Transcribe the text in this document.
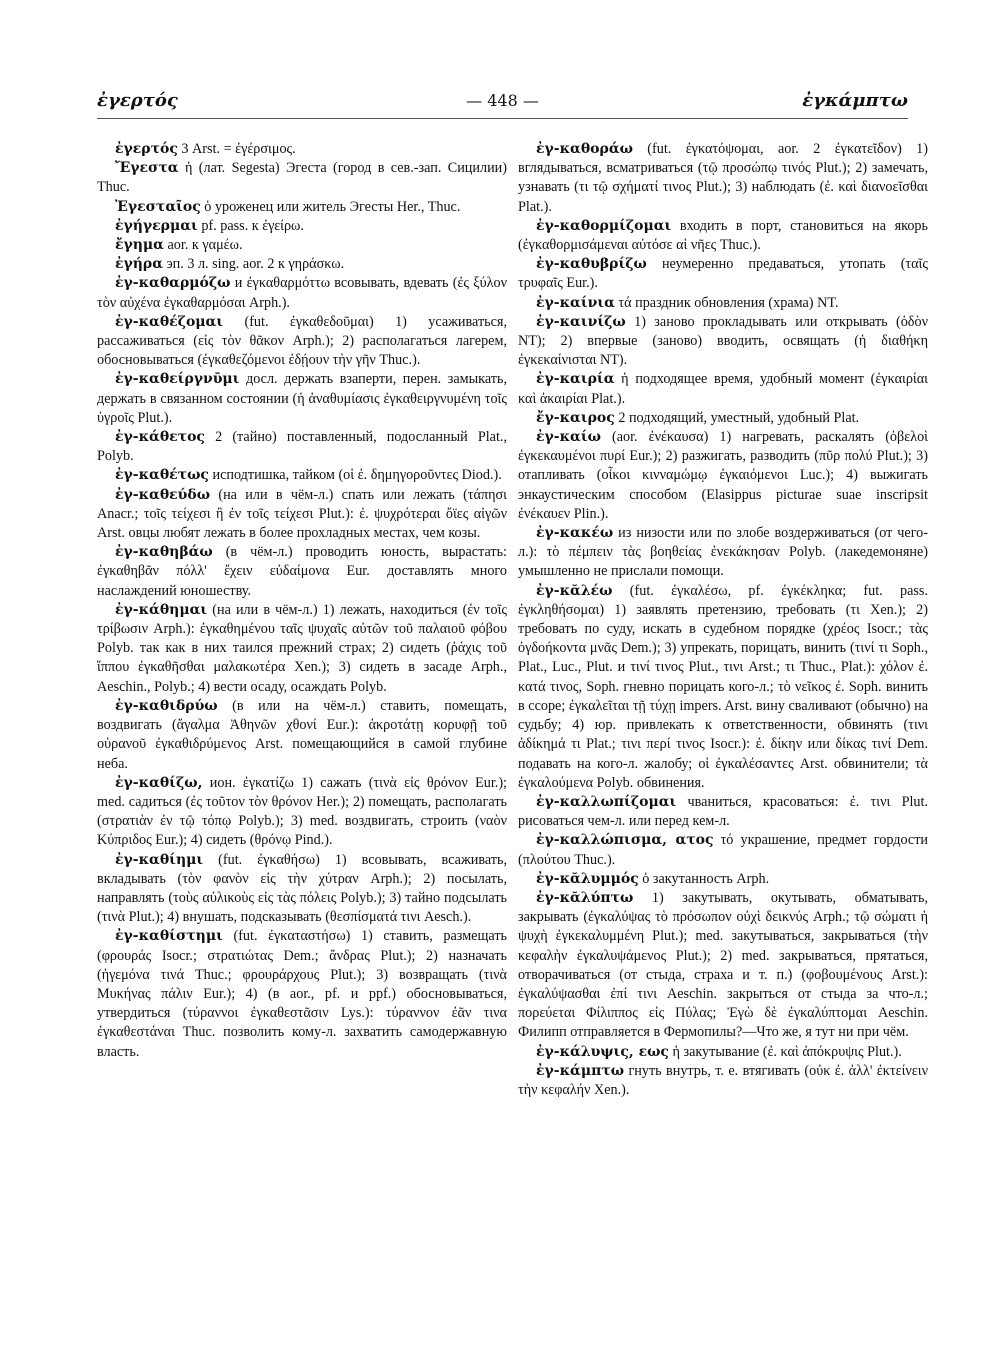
ἐγερτός	— 448 —	ἐγκάμπτω

ἐγερτός 3 Arst. = ἐγέρσιμος.

Ἔγεστα ἡ (лат. Segesta) Эгеста (город в сев.-зап. Сицилии) Thuc.

Ἐγεσταῖος ὁ уроженец или житель Эгесты Her., Thuc.

ἐγήγερμαι pf. pass. к ἐγείρω.

ἔγημα aor. к γαμέω.

ἐγήρα эп. 3 л. sing. aor. 2 к γηράσκω.

ἐγ-καθαρμόζω и ἐγκαθαρμόττω всовывать, вдевать (ἐς ξύλον τὸν αὐχένα ἐγκαθαρμόσαι Arph.).

ἐγ-καθέζομαι (fut. ἐγκαθεδοῦμαι) 1) усаживаться, рассаживаться (εἰς τὸν θᾶκον Arph.); 2) располагаться лагерем, обосновываться (ἐγκαθεζόμενοι ἐδῄουν τὴν γῆν Thuc.).

ἐγ-καθείργνῡμι досл. держать взаперти, перен. замыкать, держать в связанном состоянии (ἡ ἀναθυμίασις ἐγκαθειργνυμένη τοῖς ὑγροῖς Plut.).

ἐγ-κάθετος 2 (тайно) поставленный, подосланный Plat., Polyb.

ἐγ-καθέτως исподтишка, тайком (οἱ ἐ. δημηγοροῦντες Diod.).

ἐγ-καθεύδω (на или в чём-л.) спать или лежать (τάπησι Anacr.; τοῖς τείχεσι ἢ ἐν τοῖς τείχεσι Plut.): ἐ. ψυχρότεραι ὄϊες αἰγῶν Arst. овцы любят лежать в более прохладных местах, чем козы.

ἐγ-καθηβάω (в чём-л.) проводить юность, вырастать: ἐγκαθηβᾶν πόλλ' ἔχειν εὐδαίμονα Eur. доставлять много наслаждений юношеству.

ἐγ-κάθημαι (на или в чём-л.) 1) лежать, находиться (ἐν τοῖς τρίβωσιν Arph.): ἐγκαθημένου ταῖς ψυχαῖς αὐτῶν τοῦ παλαιοῦ φόβου Polyb. так как в них таился прежний страх; 2) сидеть (ῥάχις τοῦ ἵππου ἐγκαθῆσθαι μαλακωτέρα Xen.); 3) сидеть в засаде Arph., Aeschin., Polyb.; 4) вести осаду, осаждать Polyb.

ἐγ-καθιδρύω (в или на чём-л.) ставить, помещать, воздвигать (ἄγαλμα Ἀθηνῶν χθονί Eur.): ἀκροτάτῃ κορυφῇ τοῦ οὐρανοῦ ἐγκαθιδρύμενος Arst. помещающийся в самой глубине неба.

ἐγ-καθίζω, ион. ἐγκατίζω 1) сажать (τινὰ εἰς θρόνον Eur.); med. садиться (ἐς τοῦτον τὸν θρόνον Her.); 2) помещать, располагать (στρατιὰν ἐν τῷ τόπῳ Polyb.); 3) med. воздвигать, строить (ναὸν Κύπριδος Eur.); 4) сидеть (θρόνῳ Pind.).

ἐγ-καθίημι (fut. ἐγκαθήσω) 1) всовывать, всаживать, вкладывать (τὸν φανὸν εἰς τὴν χύτραν Arph.); 2) посылать, направлять (τοὺς αὐλικοὺς εἰς τὰς πόλεις Polyb.); 3) тайно подсылать (τινὰ Plut.); 4) внушать, подсказывать (θεσπίσματά τινι Aesch.).

ἐγ-καθίστημι (fut. ἐγκαταστήσω) 1) ставить, размещать (φρουράς Isocr.; στρατιώτας Dem.; ἄνδρας Plut.); 2) назначать (ἡγεμόνα τινά Thuc.; φρουράρχους Plut.); 3) возвращать (τινὰ Μυκήνας πάλιν Eur.); 4) (в aor., pf. и ppf.) обосновываться, утвердиться (τύραννοι ἐγκαθεστᾶσιν Lys.): τύραννον ἐᾶν τινα ἐγκαθεστάναι Thuc. позволить кому-л. захватить самодержавную власть.

ἐγ-καθοράω (fut. ἐγκατόψομαι, aor. 2 ἐγκατεῖδον) 1) вглядываться, всматриваться (τῷ προσώπῳ τινός Plut.); 2) замечать, узнавать (τι τῷ σχήματί τινος Plut.); 3) наблюдать (ἐ. καὶ διανοεῖσθαι Plat.).

ἐγ-καθορμίζομαι входить в порт, становиться на якорь (ἐγκαθορμισάμεναι αὐτόσε αἱ νῆες Thuc.).

ἐγ-καθυβρίζω неумеренно предаваться, утопать (ταῖς τρυφαῖς Eur.).

ἐγ-καίνια τά праздник обновления (храма) NT.

ἐγ-καινίζω 1) заново прокладывать или открывать (ὁδὸν NT); 2) впервые (заново) вводить, освящать (ἡ διαθήκη ἐγκεκαίνισται NT).

ἐγ-καιρία ἡ подходящее время, удобный момент (ἐγκαιρίαι καὶ ἀκαιρίαι Plat.).

ἔγ-καιρος 2 подходящий, уместный, удобный Plat.

ἐγ-καίω (aor. ἐνέκαυσα) 1) нагревать, раскалять (ὀβελοὶ ἐγκεκαυμένοι πυρί Eur.); 2) разжигать, разводить (πῦρ πολύ Plut.); 3) отапливать (οἶκοι κινναμώμῳ ἐγκαιόμενοι Luc.); 4) выжигать энкаустическим способом (Elasippus picturae suae inscripsit ἐνέκαυεν Plin.).

ἐγ-κακέω из низости или по злобе воздерживаться (от чего-л.): τὸ πέμπειν τὰς βοηθείας ἐνεκάκησαν Polyb. (лакедемоняне) умышленно не прислали помощи.

ἐγ-κᾰλέω (fut. ἐγκαλέσω, pf. ἐγκέκληκα; fut. pass. ἐγκληθήσομαι) 1) заявлять претензию, требовать (τι Xen.); 2) требовать по суду, искать в судебном порядке (χρέος Isocr.; τὰς ὀγδοήκοντα μνᾶς Dem.); 3) упрекать, порицать, винить (τινί τι Soph., Plat., Luc., Plut. и τινί τινος Plut., τινι Arst.; τι Thuc., Plat.): χόλον ἐ. κατά τινος, Soph. гневно порицать кого-л.; τὸ νεῖκος ἐ. Soph. винить в ссоре; ἐγκαλεῖται τῇ τύχῃ impers. Arst. вину сваливают (обычно) на судьбу; 4) юр. привлекать к ответственности, обвинять (τινι ἀδίκημά τι Plat.; τινι περί τινος Isocr.): ἐ. δίκην или δίκας τινί Dem. подавать на кого-л. жалобу; οἱ ἐγκαλέσαντες Arst. обвинители; τὰ ἐγκαλούμενα Polyb. обвинения.

ἐγ-καλλωπίζομαι чваниться, красоваться: ἐ. τινι Plut. рисоваться чем-л. или перед кем-л.

ἐγ-καλλώπισμα, ατος τό украшение, предмет гордости (πλούτου Thuc.).

ἐγ-κᾰλυμμός ὁ закутанность Arph.

ἐγ-κᾰλύπτω 1) закутывать, окутывать, обматывать, закрывать (ἐγκαλύψας τὸ πρόσωπον οὐχὶ δεικνύς Arph.; τῷ σώματι ἡ ψυχὴ ἐγκεκαλυμμένη Plut.); med. закутываться, закрываться (τὴν κεφαλὴν ἐγκαλυψάμενος Plut.); 2) med. закрываться, прятаться, отворачиваться (от стыда, страха и т. п.) (φοβουμένους Arst.): ἐγκαλύψασθαι ἐπί τινι Aeschin. закрыться от стыда за что-л.; πορεύεται Φίλιππος εἰς Πύλας; Ἐγὼ δὲ ἐγκαλύπτομαι Aeschin. Филипп отправляется в Фермопилы?—Что же, я тут ни при чём.

ἐγ-κάλυψις, εως ἡ закутывание (ἐ. καὶ ἀπόκρυψις Plut.).

ἐγ-κάμπτω гнуть внутрь, т. е. втягивать (οὐκ ἐ. ἀλλ' ἐκτείνειν τὴν κεφαλήν Xen.).
